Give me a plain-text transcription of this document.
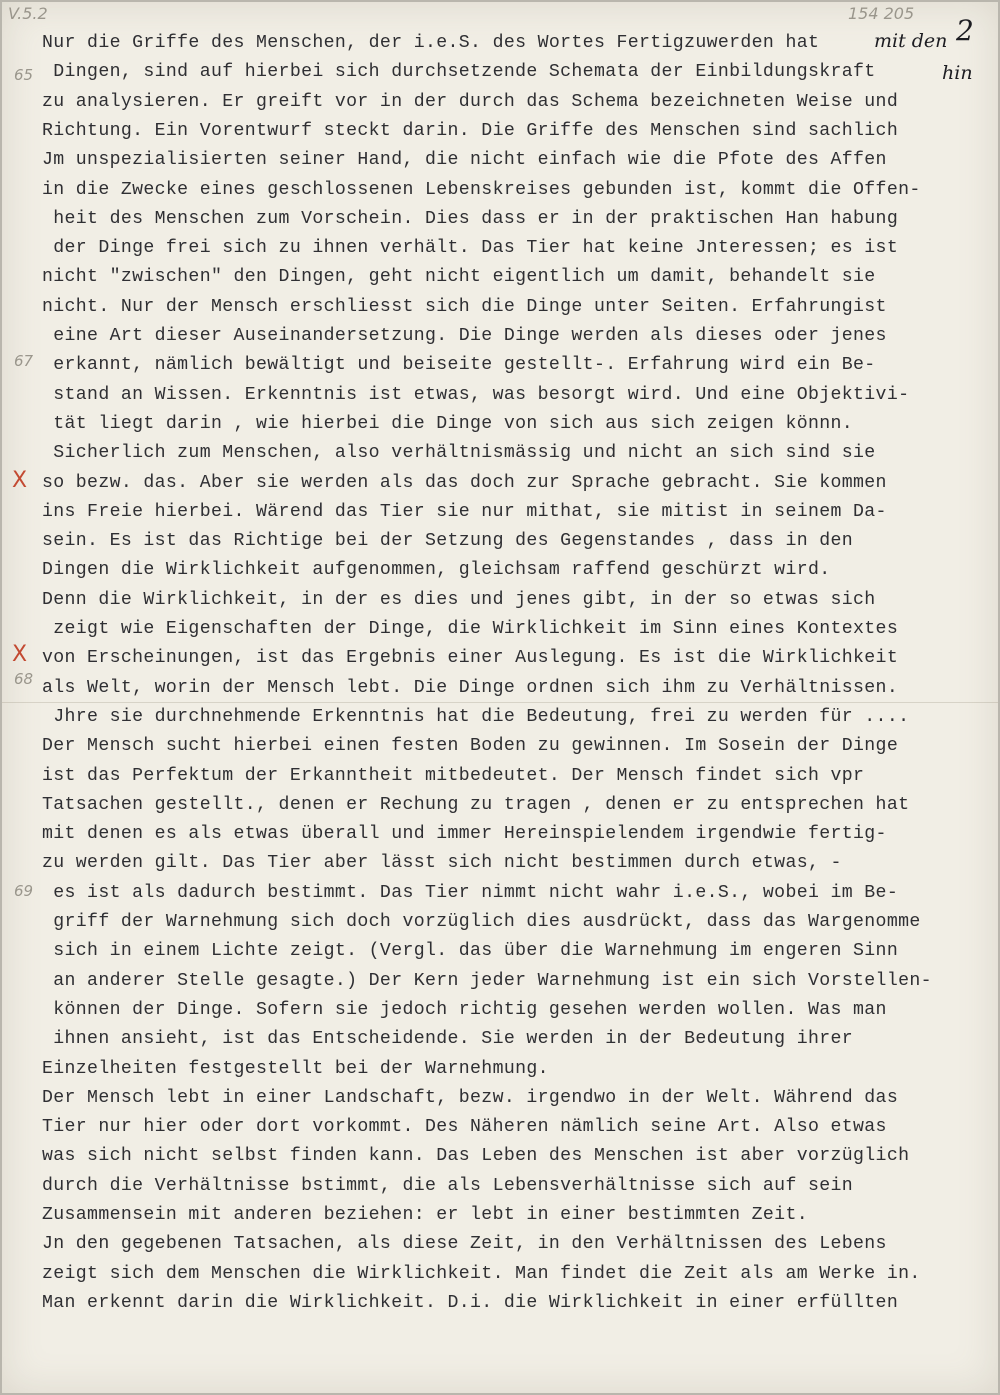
V.5.2	154 205
2
mit den
hin
65
67
68
69
X
X
Nur die Griffe des Menschen, der i.e.S. des Wortes Fertigzuwerden hat
Dingen, sind auf hierbei sich durchsetzende Schemata der Einbildungskraft
zu analysieren. Er greift vor in der durch das Schema bezeichneten Weise und
Richtung. Ein Vorentwurf steckt darin. Die Griffe des Menschen sind sachlich
Jm unspezialisierten seiner Hand, die nicht einfach wie die Pfote des Affen
in die Zwecke eines geschlossenen Lebenskreises gebunden ist, kommt die Offen-
heit des Menschen zum Vorschein. Dies dass er in der praktischen Han habung
der Dinge frei sich zu ihnen verhält. Das Tier hat keine Jnteressen; es ist
nicht "zwischen" den Dingen, geht nicht eigentlich um damit, behandelt sie
nicht. Nur der Mensch erschliesst sich die Dinge unter Seiten. Erfahrungist
eine Art dieser Auseinandersetzung. Die Dinge werden als dieses oder jenes
erkannt, nämlich bewältigt und beiseite gestellt-. Erfahrung wird ein Be-
stand an Wissen. Erkenntnis ist etwas, was besorgt wird. Und eine Objektivi-
tät liegt darin , wie hierbei die Dinge von sich aus sich zeigen könnn.
Sicherlich zum Menschen, also verhältnismässig und nicht an sich sind sie
so bezw. das. Aber sie werden als das doch zur Sprache gebracht. Sie kommen
ins Freie hierbei. Wärend das Tier sie nur mithat, sie mitist in seinem Da-
sein. Es ist das Richtige bei der Setzung des Gegenstandes , dass in den
Dingen die Wirklichkeit aufgenommen, gleichsam raffend geschürzt wird.
Denn die Wirklichkeit, in der es dies und jenes gibt, in der so etwas sich
zeigt wie Eigenschaften der Dinge, die Wirklichkeit im Sinn eines Kontextes
von Erscheinungen, ist das Ergebnis einer Auslegung. Es ist die Wirklichkeit
als Welt, worin der Mensch lebt. Die Dinge ordnen sich ihm zu Verhältnissen.
Jhre sie durchnehmende Erkenntnis hat die Bedeutung, frei zu werden für ....
Der Mensch sucht hierbei einen festen Boden zu gewinnen. Im Sosein der Dinge
ist das Perfektum der Erkanntheit mitbedeutet. Der Mensch findet sich vpr
Tatsachen gestellt., denen er Rechung zu tragen , denen er zu entsprechen hat
mit denen es als etwas überall und immer Hereinspielendem irgendwie fertig-
zu werden gilt. Das Tier aber lässt sich nicht bestimmen durch etwas, -
es ist als dadurch bestimmt. Das Tier nimmt nicht wahr i.e.S., wobei im Be-
griff der Warnehmung sich doch vorzüglich dies ausdrückt, dass das Wargenomme
sich in einem Lichte zeigt. (Vergl. das über die Warnehmung im engeren Sinn
an anderer Stelle gesagte.) Der Kern jeder Warnehmung ist ein sich Vorstellen-
können der Dinge. Sofern sie jedoch richtig gesehen werden wollen. Was man
ihnen ansieht, ist das Entscheidende. Sie werden in der Bedeutung ihrer
Einzelheiten festgestellt bei der Warnehmung.
Der Mensch lebt in einer Landschaft, bezw. irgendwo in der Welt. Während das
Tier nur hier oder dort vorkommt. Des Näheren nämlich seine Art. Also etwas
was sich nicht selbst finden kann. Das Leben des Menschen ist aber vorzüglich
durch die Verhältnisse bstimmt, die als Lebensverhältnisse sich auf sein
Zusammensein mit anderen beziehen: er lebt in einer bestimmten Zeit.
Jn den gegebenen Tatsachen, als diese Zeit, in den Verhältnissen des Lebens
zeigt sich dem Menschen die Wirklichkeit. Man findet die Zeit als am Werke in.
Man erkennt darin die Wirklichkeit. D.i. die Wirklichkeit in einer erfüllten
